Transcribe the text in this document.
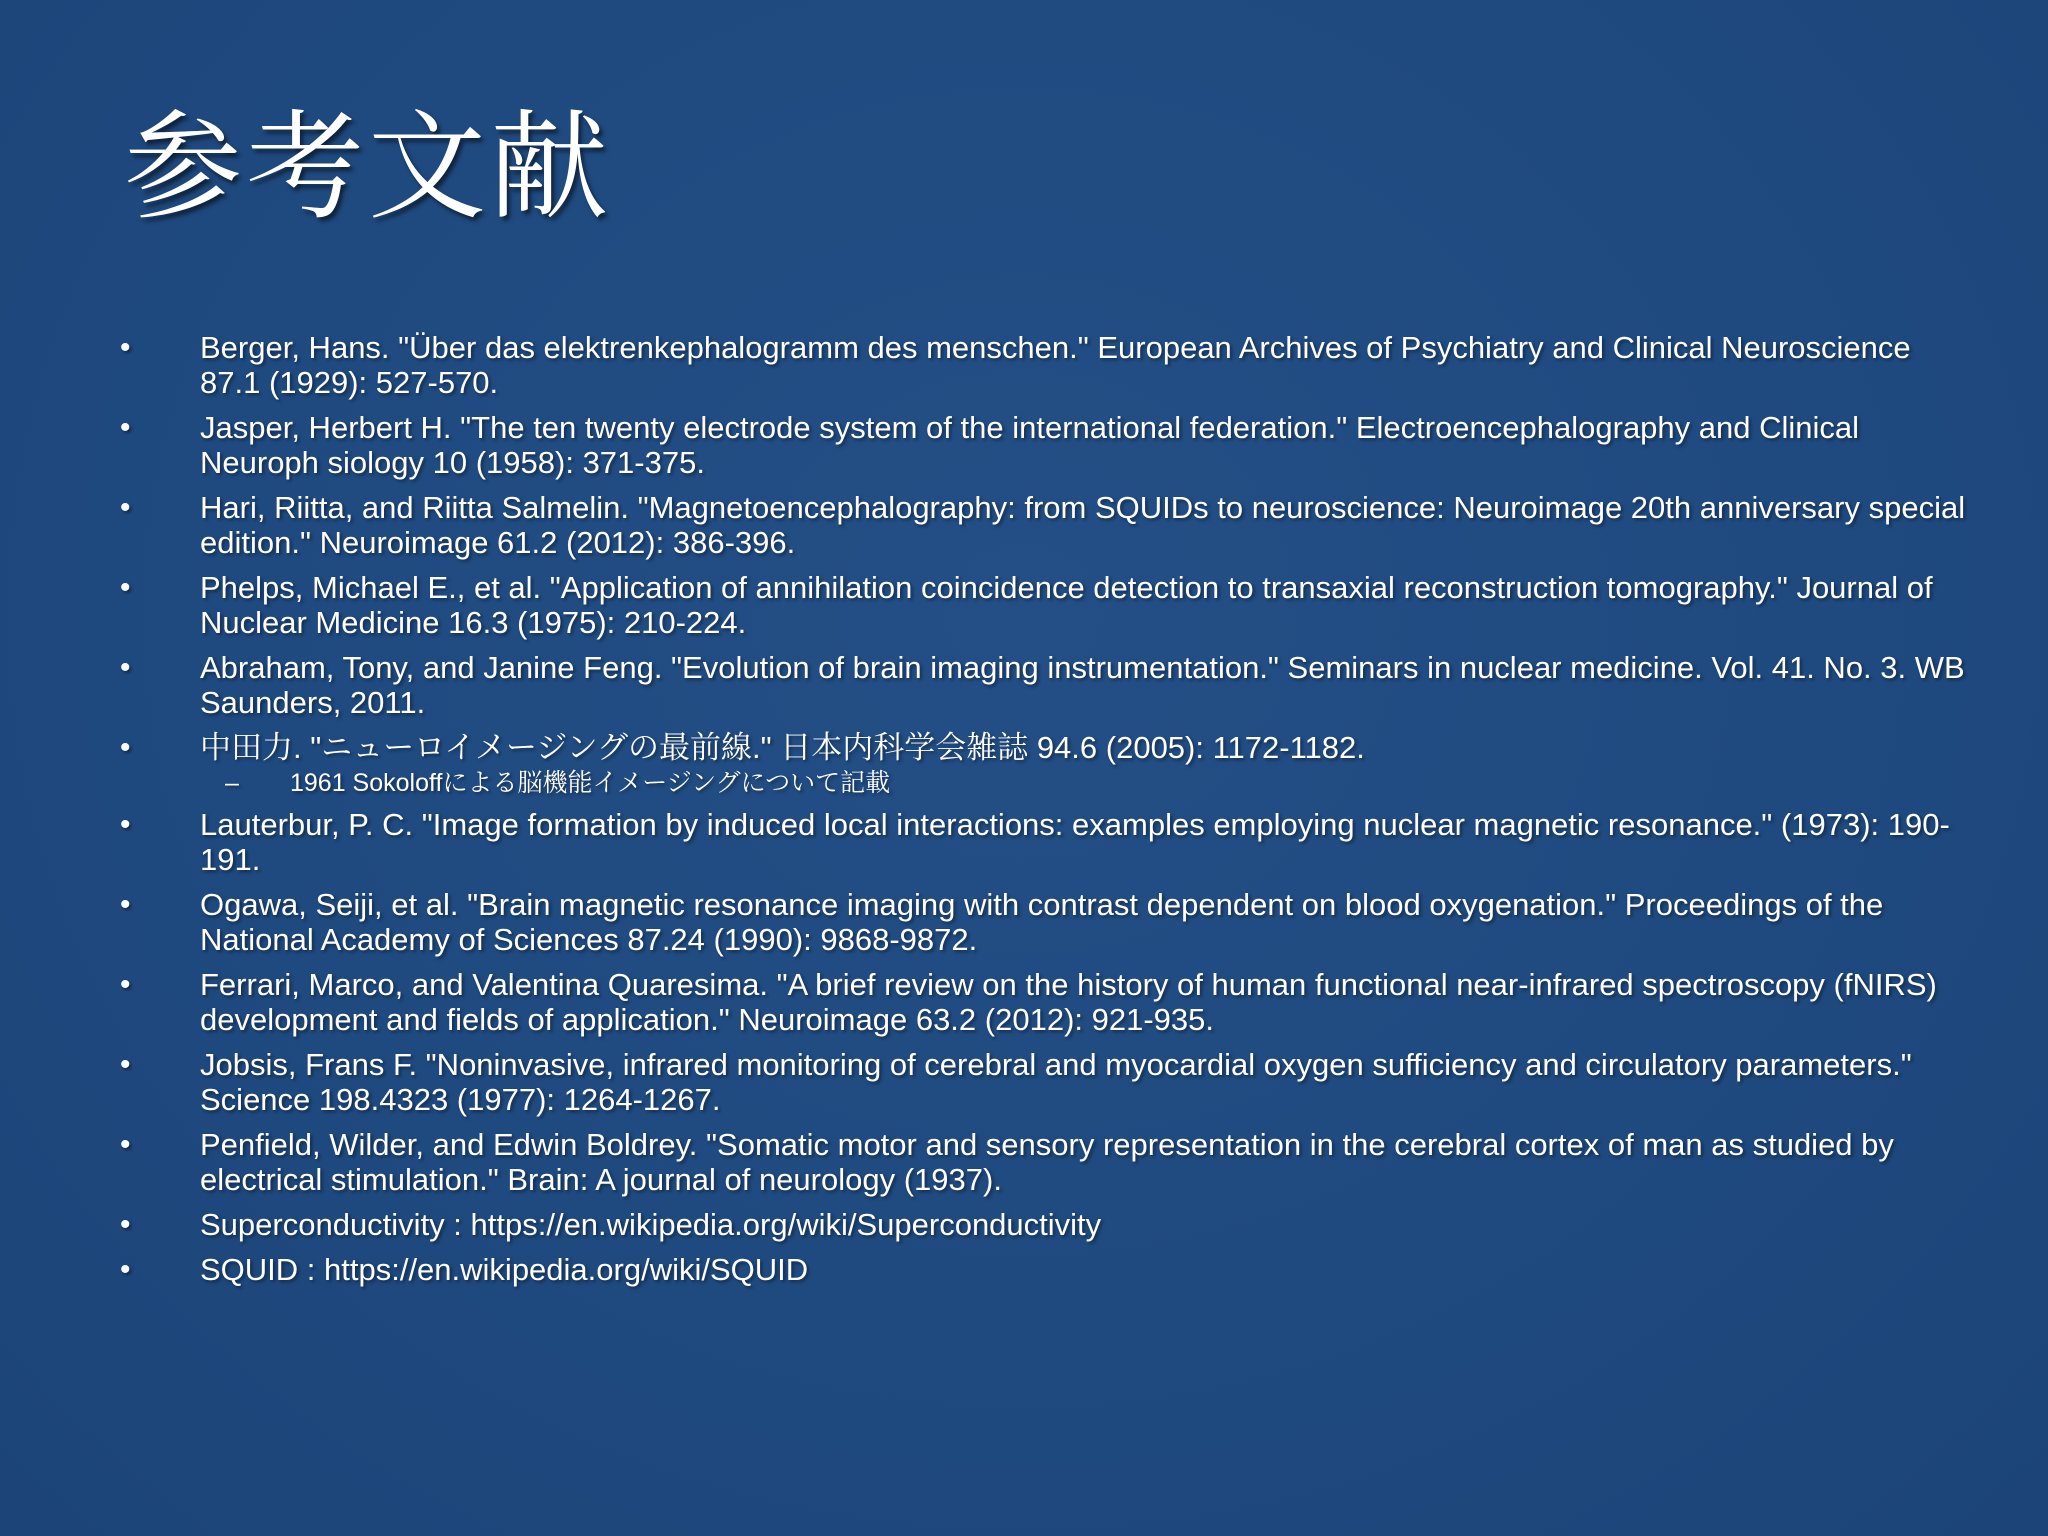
参考文献
•	Berger, Hans. "Über das elektrenkephalogramm des menschen." European Archives of Psychiatry and Clinical Neuroscience 87.1 (1929): 527-570.
•	Jasper, Herbert H. "The ten twenty electrode system of the international federation." Electroencephalography and Clinical Neuroph siology 10 (1958): 371-375.
•	Hari, Riitta, and Riitta Salmelin. "Magnetoencephalography: from SQUIDs to neuroscience: Neuroimage 20th anniversary special edition." Neuroimage 61.2 (2012): 386-396.
•	Phelps, Michael E., et al. "Application of annihilation coincidence detection to transaxial reconstruction tomography." Journal of Nuclear Medicine 16.3 (1975): 210-224.
•	Abraham, Tony, and Janine Feng. "Evolution of brain imaging instrumentation." Seminars in nuclear medicine. Vol. 41. No. 3. WB Saunders, 2011.
•	中田力. "ニューロイメージングの最前線." 日本内科学会雑誌 94.6 (2005): 1172-1182.
– 1961 Sokoloffによる脳機能イメージングについて記載
•	Lauterbur, P. C. "Image formation by induced local interactions: examples employing nuclear magnetic resonance." (1973): 190-191.
•	Ogawa, Seiji, et al. "Brain magnetic resonance imaging with contrast dependent on blood oxygenation." Proceedings of the National Academy of Sciences 87.24 (1990): 9868-9872.
•	Ferrari, Marco, and Valentina Quaresima. "A brief review on the history of human functional near-infrared spectroscopy (fNIRS) development and fields of application." Neuroimage 63.2 (2012): 921-935.
•	Jobsis, Frans F. "Noninvasive, infrared monitoring of cerebral and myocardial oxygen sufficiency and circulatory parameters." Science 198.4323 (1977): 1264-1267.
•	Penfield, Wilder, and Edwin Boldrey. "Somatic motor and sensory representation in the cerebral cortex of man as studied by electrical stimulation." Brain: A journal of neurology (1937).
•	Superconductivity : https://en.wikipedia.org/wiki/Superconductivity
•	SQUID : https://en.wikipedia.org/wiki/SQUID
